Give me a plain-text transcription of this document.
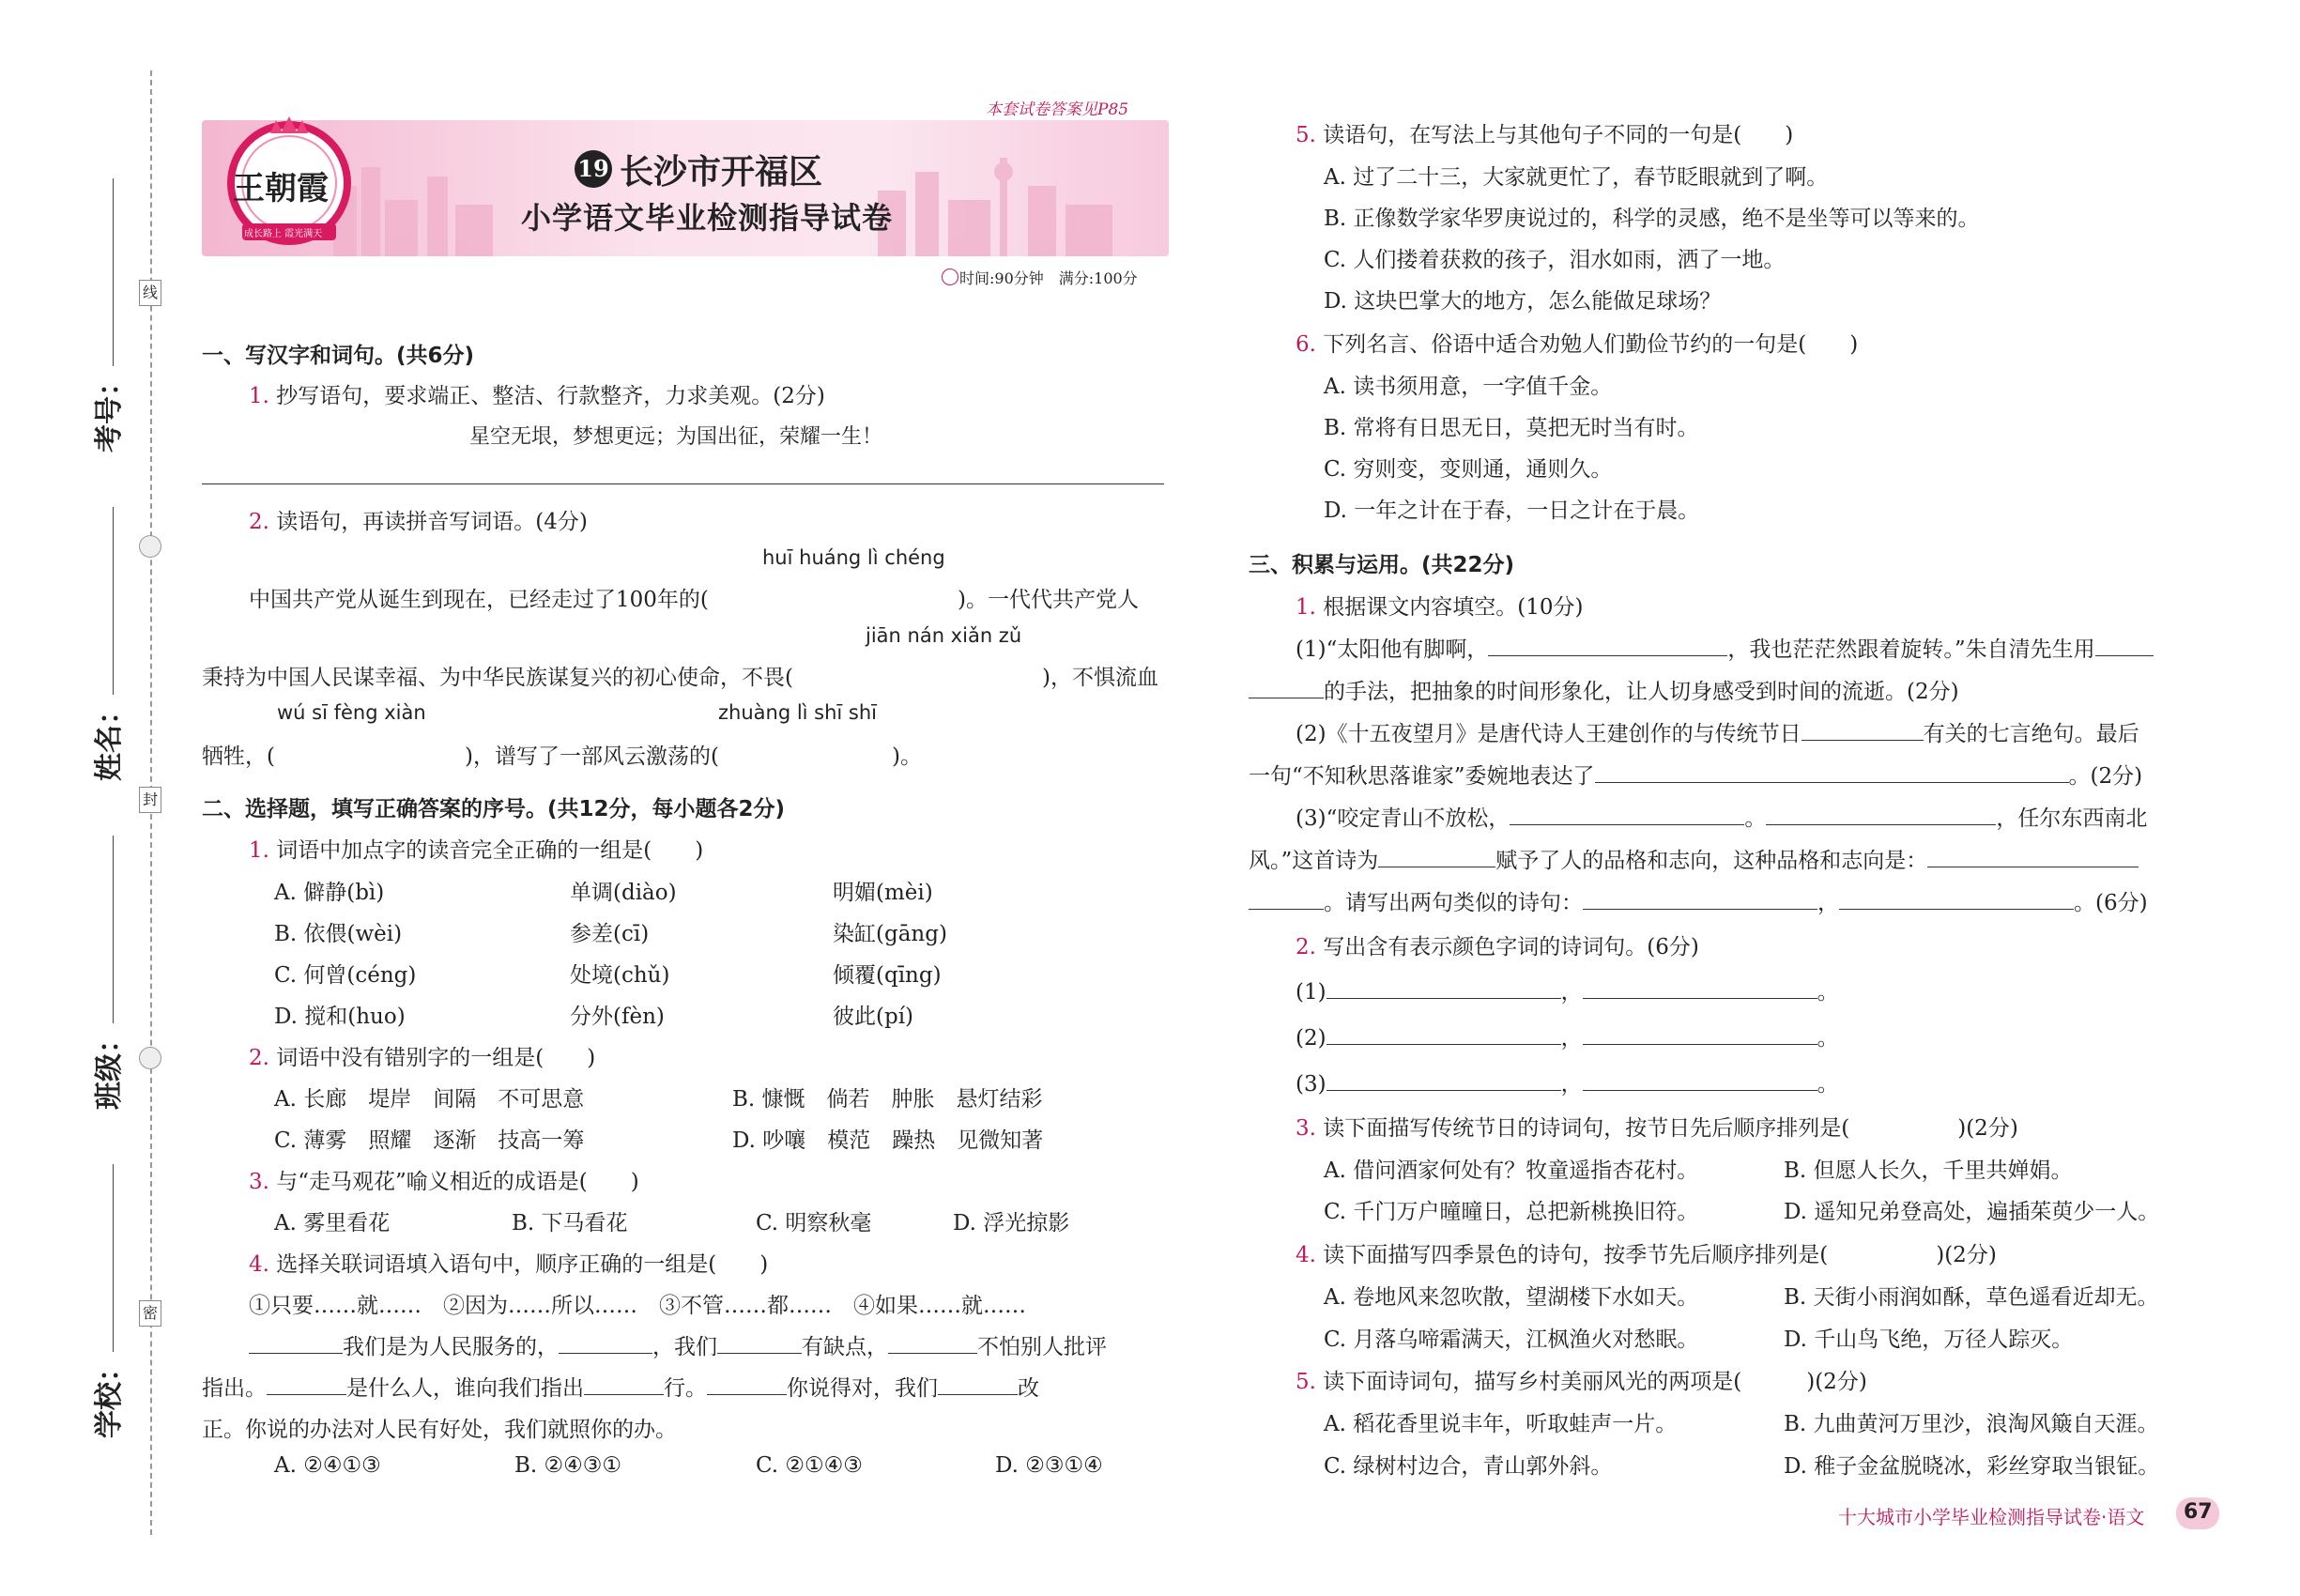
考号：
姓名：
班级：
学校：
线
封
密
本套试卷答案见P85
王朝霞
成长路上 霞光满天
19 长沙市开福区
小学语文毕业检测指导试卷
时间:90分钟　满分:100分
一、写汉字和词句。(共6分)
1. 抄写语句，要求端正、整洁、行款整齐，力求美观。(2分)
星空无垠，梦想更远；为国出征，荣耀一生！
2. 读语句，再读拼音写词语。(4分)
huī huáng lì chéng
中国共产党从诞生到现在，已经走过了100年的(	)。一代代共产党人
jiān nán xiǎn zǔ
秉持为中国人民谋幸福、为中华民族谋复兴的初心使命，不畏(	)，不惧流血
wú sī fèng xiàn	zhuàng lì shī shī
牺牲，(	)，谱写了一部风云激荡的(	)。
二、选择题，填写正确答案的序号。(共12分，每小题各2分)
1. 词语中加点字的读音完全正确的一组是(　　)
A. 僻静(bì)	单调(diào)	明媚(mèi)
B. 依偎(wèi)	参差(cī)	染缸(gāng)
C. 何曾(céng)	处境(chǔ)	倾覆(qīng)
D. 搅和(huo)	分外(fèn)	彼此(pí)
2. 词语中没有错别字的一组是(　　)
A. 长廊　堤岸　间隔　不可思意	B. 慷慨　倘若　肿胀　悬灯结彩
C. 薄雾　照耀　逐渐　技高一筹	D. 吵嚷　模范　躁热　见微知著
3. 与“走马观花”喻义相近的成语是(　　)
A. 雾里看花	B. 下马看花	C. 明察秋毫	D. 浮光掠影
4. 选择关联词语填入语句中，顺序正确的一组是(　　)
①只要……就……　②因为……所以……　③不管……都……　④如果……就……
我们是为人民服务的，	，我们	有缺点，	不怕别人批评
指出。	是什么人，谁向我们指出	行。	你说得对，我们	改
正。你说的办法对人民有好处，我们就照你的办。
A. ②④①③	B. ②④③①	C. ②①④③	D. ②③①④
5. 读语句，在写法上与其他句子不同的一句是(　　)
A. 过了二十三，大家就更忙了，春节眨眼就到了啊。
B. 正像数学家华罗庚说过的，科学的灵感，绝不是坐等可以等来的。
C. 人们搂着获救的孩子，泪水如雨，洒了一地。
D. 这块巴掌大的地方，怎么能做足球场？
6. 下列名言、俗语中适合劝勉人们勤俭节约的一句是(　　)
A. 读书须用意，一字值千金。
B. 常将有日思无日，莫把无时当有时。
C. 穷则变，变则通，通则久。
D. 一年之计在于春，一日之计在于晨。
三、积累与运用。(共22分)
1. 根据课文内容填空。(10分)
(1)“太阳他有脚啊，	，我也茫茫然跟着旋转。”朱自清先生用
的手法，把抽象的时间形象化，让人切身感受到时间的流逝。(2分)
(2)《十五夜望月》是唐代诗人王建创作的与传统节日	有关的七言绝句。最后
一句“不知秋思落谁家”委婉地表达了	。(2分)
(3)“咬定青山不放松，	。	，任尔东西南北
风。”这首诗为	赋予了人的品格和志向，这种品格和志向是：
。请写出两句类似的诗句：	，	。(6分)
2. 写出含有表示颜色字词的诗词句。(6分)
(1)	，	。
(2)	，	。
(3)	，	。
3. 读下面描写传统节日的诗词句，按节日先后顺序排列是(　　　　　)(2分)
A. 借问酒家何处有？牧童遥指杏花村。	B. 但愿人长久，千里共婵娟。
C. 千门万户曈曈日，总把新桃换旧符。	D. 遥知兄弟登高处，遍插茱萸少一人。
4. 读下面描写四季景色的诗句，按季节先后顺序排列是(　　　　　)(2分)
A. 卷地风来忽吹散，望湖楼下水如天。	B. 天街小雨润如酥，草色遥看近却无。
C. 月落乌啼霜满天，江枫渔火对愁眠。	D. 千山鸟飞绝，万径人踪灭。
5. 读下面诗词句，描写乡村美丽风光的两项是(　　　)(2分)
A. 稻花香里说丰年，听取蛙声一片。	B. 九曲黄河万里沙，浪淘风簸自天涯。
C. 绿树村边合，青山郭外斜。	D. 稚子金盆脱晓冰，彩丝穿取当银钲。
十大城市小学毕业检测指导试卷·语文 67
